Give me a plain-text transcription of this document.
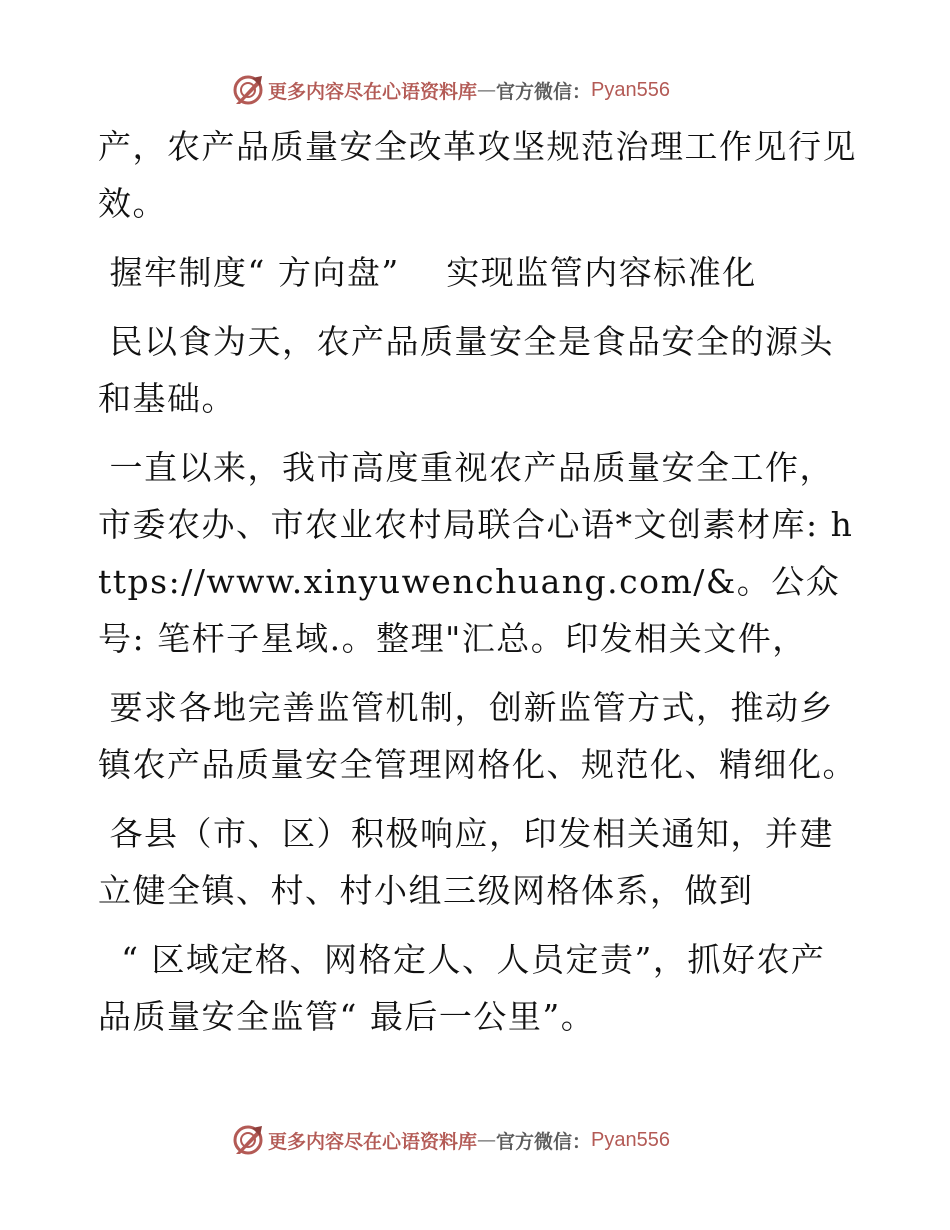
更多内容尽在心语资料库 — 官方微信： Pyan556

产，农产品质量安全改革攻坚规范治理工作见行见效。

握牢制度“ 方向盘”　 实现监管内容标准化

民以食为天，农产品质量安全是食品安全的源头和基础。

一直以来，我市高度重视农产品质量安全工作，

市委农办、市农业农村局联合心语*文创素材库: https://www.xinyuwenchuang.com/&。公众号: 笔杆子星域.。整理"汇总。印发相关文件，

要求各地完善监管机制，创新监管方式，推动乡镇农产品质量安全管理网格化、规范化、精细化。

各县（市、区）积极响应，印发相关通知，并建立健全镇、村、村小组三级网格体系，做到

“ 区域定格、网格定人、人员定责”，抓好农产品质量安全监管“ 最后一公里”。

更多内容尽在心语资料库 — 官方微信： Pyan556
